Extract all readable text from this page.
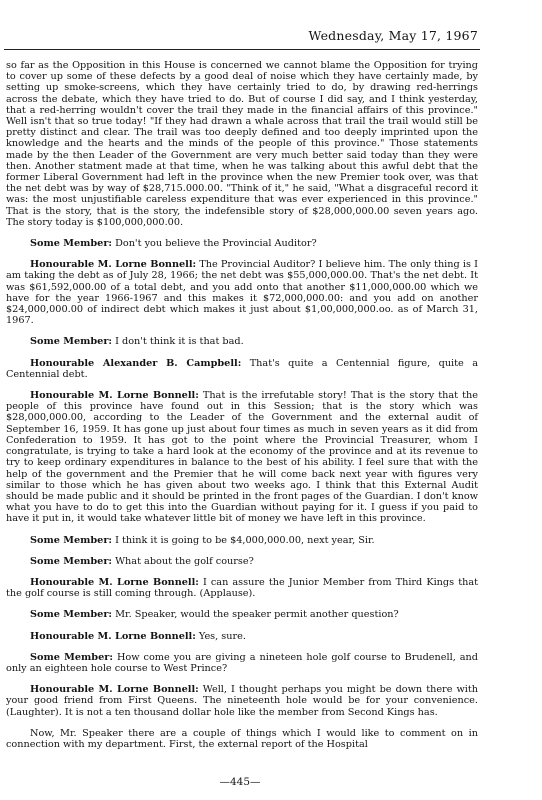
Wednesday, May 17, 1967

so far as the Opposition in this House is concerned we cannot blame the Opposition for trying to cover up some of these defects by a good deal of noise which they have certainly made, by setting up smoke-screens, which they have certainly tried to do, by drawing red-herrings across the debate, which they have tried to do. But of course I did say, and I think yesterday, that a red-herring wouldn't cover the trail they made in the financial affairs of this province." Well isn't that so true today! "If they had drawn a whale across that trail the trail would still be pretty distinct and clear. The trail was too deeply defined and too deeply imprinted upon the knowledge and the hearts and the minds of the people of this province." Those statements made by the then Leader of the Government are very much better said today than they were then. Another statment made at that time, when he was talking about this awful debt that the former Liberal Government had left in the province when the new Premier took over, was that the net debt was by way of $28,715.000.00. "Think of it," he said, "What a disgraceful record it was: the most unjustifiable careless expenditure that was ever experienced in this province." That is the story, that is the story, the indefensible story of $28,000,000.00 seven years ago. The story today is $100,000,000.00.

Some Member: Don't you believe the Provincial Auditor?

Honourable M. Lorne Bonnell: The Provincial Auditor? I believe him. The only thing is I am taking the debt as of July 28, 1966; the net debt was $55,000,000.00. That's the net debt. It was $61,592,000.00 of a total debt, and you add onto that another $11,000,000.00 which we have for the year 1966-1967 and this makes it $72,000,000.00: and you add on another $24,000,000.00 of indirect debt which makes it just about $1,00,000,000.oo. as of March 31, 1967.

Some Member: I don't think it is that bad.

Honourable Alexander B. Campbell: That's quite a Centennial figure, quite a Centennial debt.

Honourable M. Lorne Bonnell: That is the irrefutable story! That is the story that the people of this province have found out in this Session; that is the story which was $28,000,000.00, according to the Leader of the Government and the external audit of September 16, 1959. It has gone up just about four times as much in seven years as it did from Confederation to 1959. It has got to the point where the Provincial Treasurer, whom I congratulate, is trying to take a hard look at the economy of the province and at its revenue to try to keep ordinary expenditures in balance to the best of his ability. I feel sure that with the help of the government and the Premier that he will come back next year with figures very similar to those which he has given about two weeks ago. I think that this External Audit should be made public and it should be printed in the front pages of the Guardian. I don't know what you have to do to get this into the Guardian without paying for it. I guess if you paid to have it put in, it would take whatever little bit of money we have left in this province.

Some Member: I think it is going to be $4,000,000.00, next year, Sir.

Some Member: What about the golf course?

Honourable M. Lorne Bonnell: I can assure the Junior Member from Third Kings that the golf course is still coming through. (Applause).

Some Member: Mr. Speaker, would the speaker permit another question?

Honourable M. Lorne Bonnell: Yes, sure.

Some Member: How come you are giving a nineteen hole golf course to Brudenell, and only an eighteen hole course to West Prince?

Honourable M. Lorne Bonnell: Well, I thought perhaps you might be down there with your good friend from First Queens. The nineteenth hole would be for your convenience. (Laughter). It is not a ten thousand dollar hole like the member from Second Kings has.

Now, Mr. Speaker there are a couple of things which I would like to comment on in connection with my department. First, the external report of the Hospital

—445—
